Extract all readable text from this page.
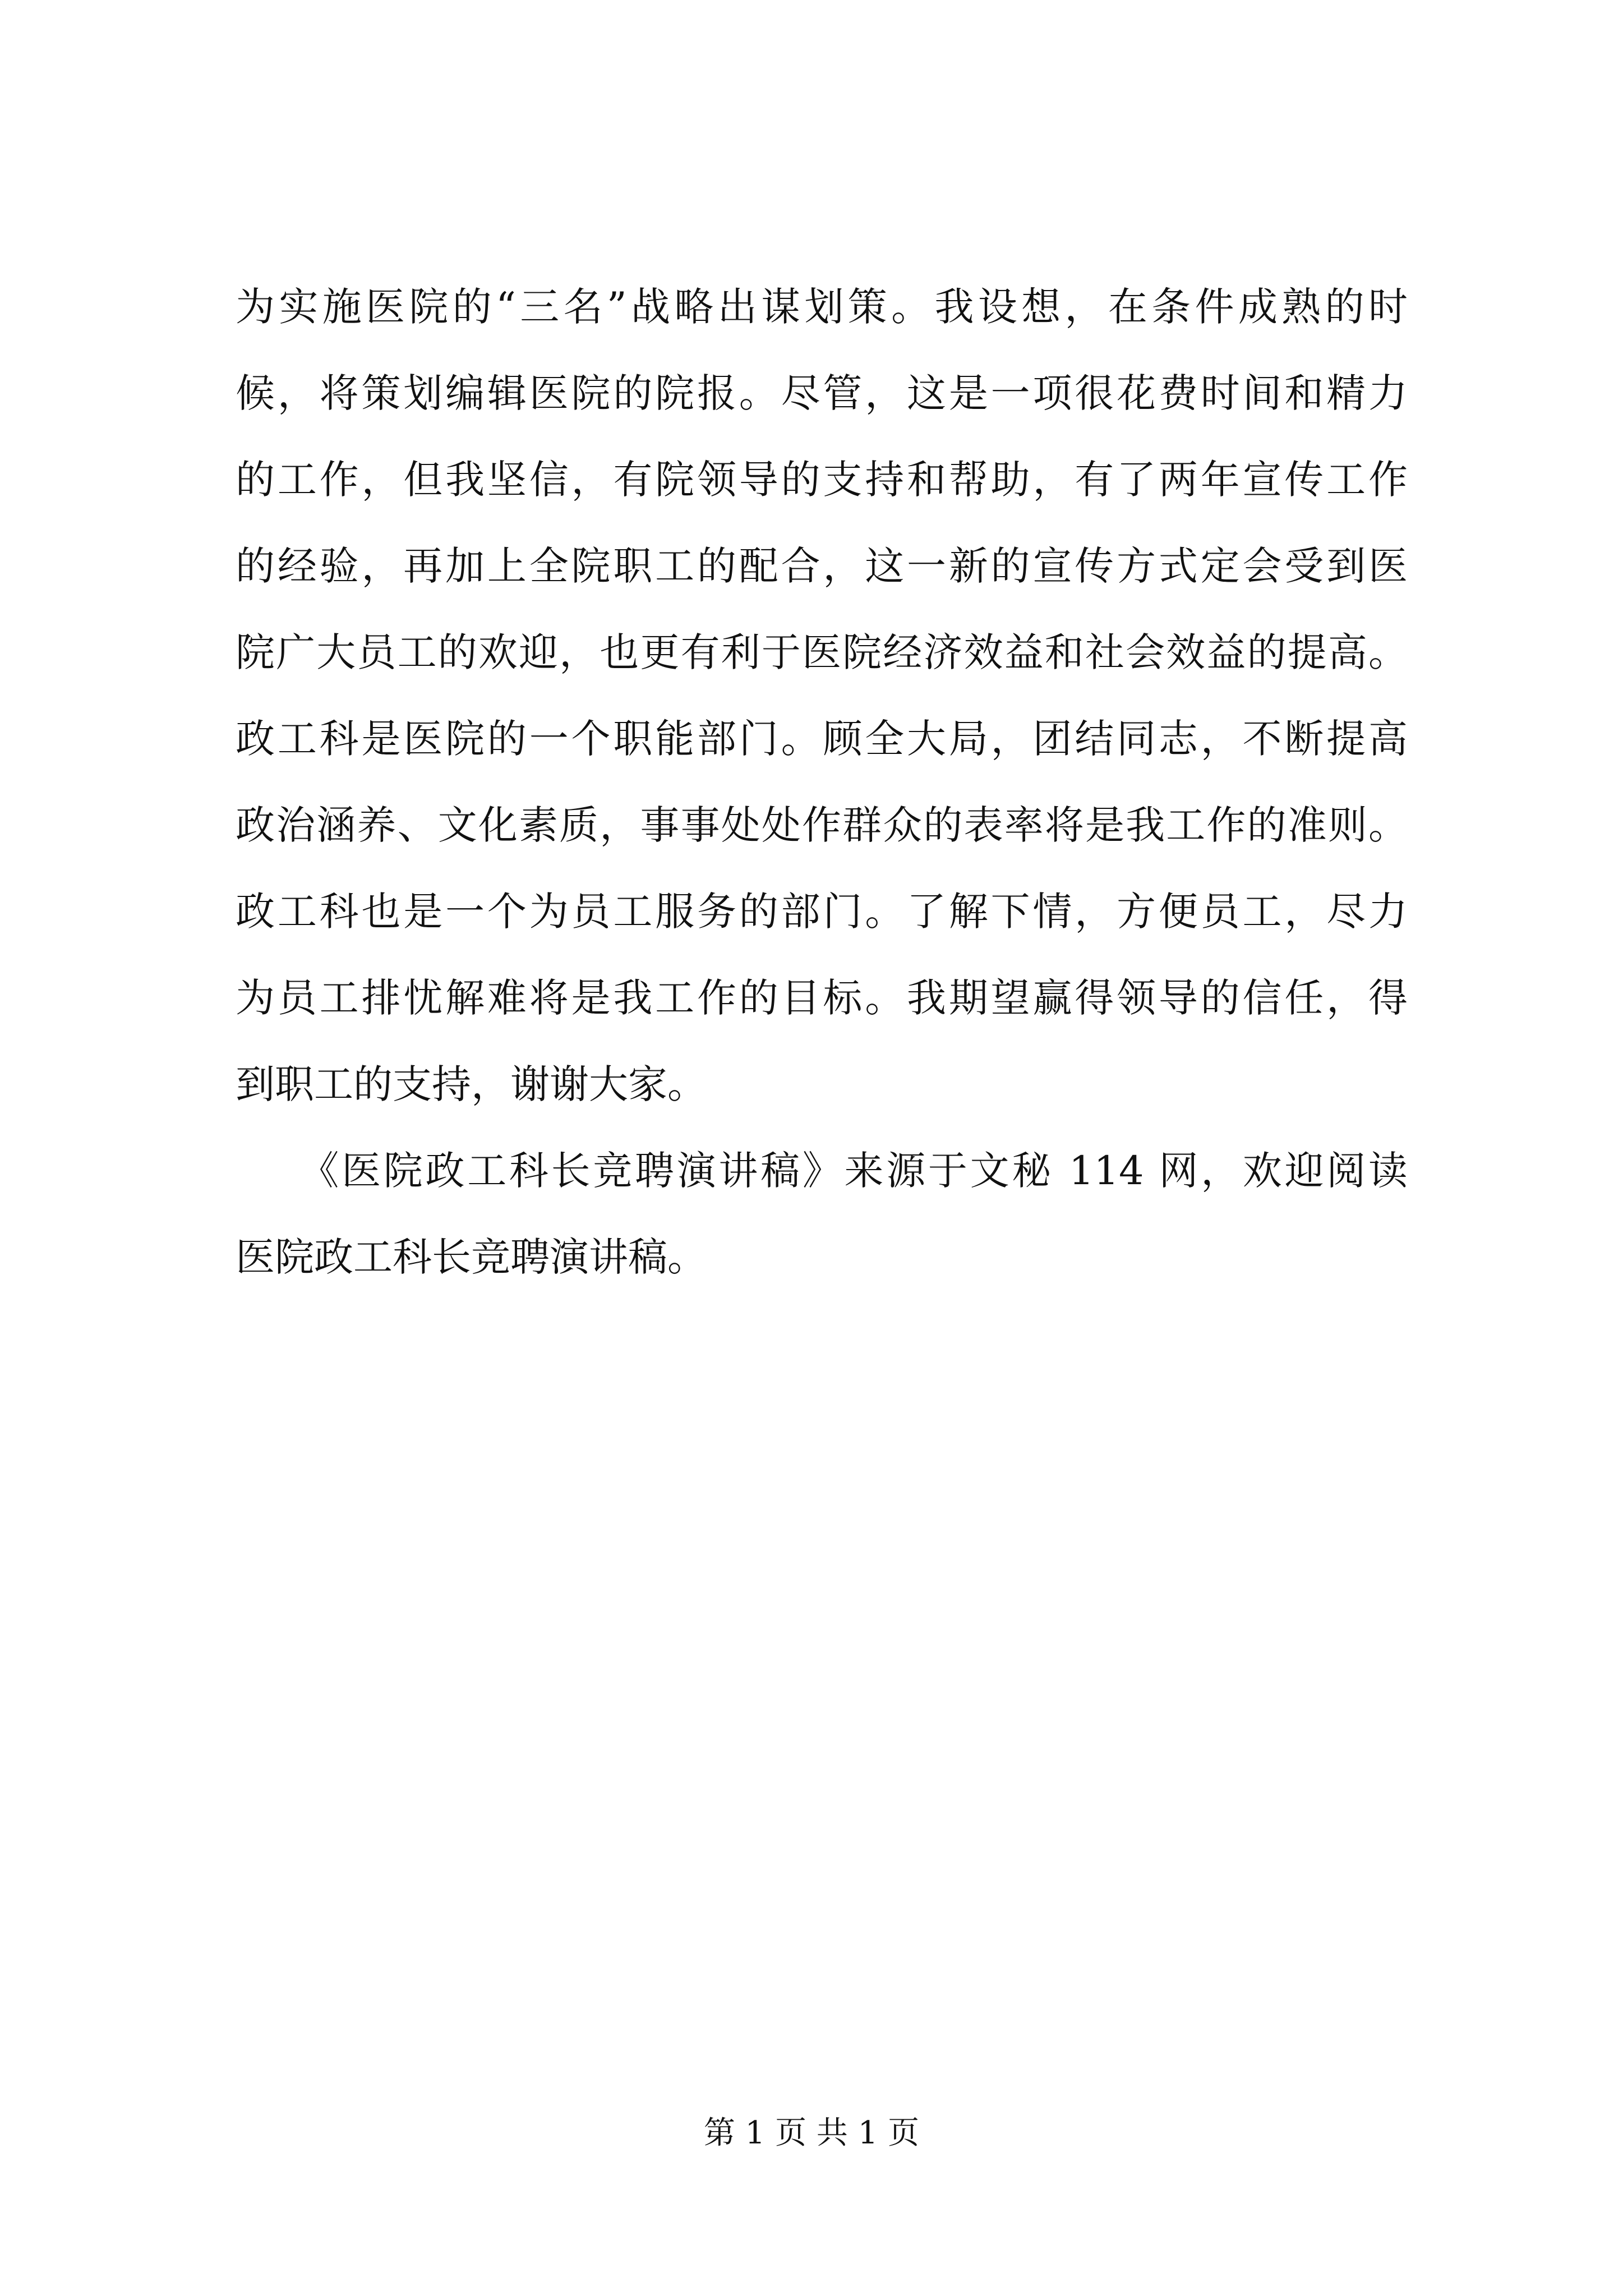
为实施医院的“三名”战略出谋划策。我设想，在条件成熟的时
候，将策划编辑医院的院报。尽管，这是一项很花费时间和精力
的工作，但我坚信，有院领导的支持和帮助，有了两年宣传工作
的经验，再加上全院职工的配合，这一新的宣传方式定会受到医
院广大员工的欢迎，也更有利于医院经济效益和社会效益的提高。
政工科是医院的一个职能部门。顾全大局，团结同志，不断提高
政治涵养、文化素质，事事处处作群众的表率将是我工作的准则。
政工科也是一个为员工服务的部门。了解下情，方便员工，尽力
为员工排忧解难将是我工作的目标。我期望赢得领导的信任，得
到职工的支持，谢谢大家。
　　《医院政工科长竞聘演讲稿》来源于文秘 114 网，欢迎阅读
医院政工科长竞聘演讲稿。
第 1 页 共 1 页
